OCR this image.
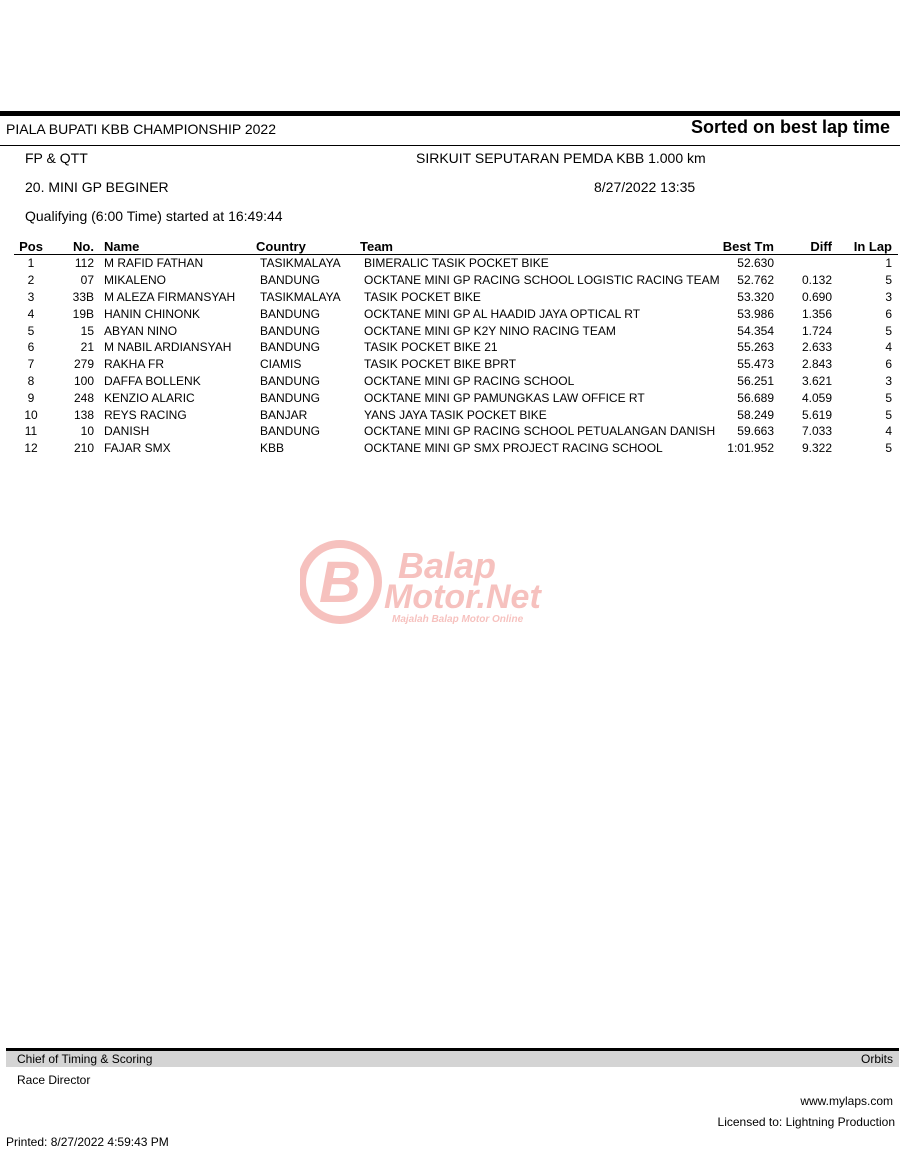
PIALA BUPATI KBB CHAMPIONSHIP 2022	Sorted on best lap time
FP & QTT	SIRKUIT SEPUTARAN PEMDA KBB 1.000 km
20. MINI GP BEGINER	8/27/2022 13:35
Qualifying (6:00 Time) started at 16:49:44
Pos	No.	Name	Country	Team	Best Tm	Diff	In Lap
1	112	M RAFID FATHAN	TASIKMALAYA	BIMERALIC TASIK POCKET BIKE	52.630		1
2	07	MIKALENO	BANDUNG	OCKTANE MINI GP RACING SCHOOL LOGISTIC RACING TEAM	52.762	0.132	5
3	33B	M ALEZA FIRMANSYAH	TASIKMALAYA	TASIK POCKET BIKE	53.320	0.690	3
4	19B	HANIN CHINONK	BANDUNG	OCKTANE MINI GP AL HAADID JAYA OPTICAL RT	53.986	1.356	6
5	15	ABYAN NINO	BANDUNG	OCKTANE MINI GP K2Y NINO RACING TEAM	54.354	1.724	5
6	21	M NABIL ARDIANSYAH	BANDUNG	TASIK POCKET BIKE 21	55.263	2.633	4
7	279	RAKHA FR	CIAMIS	TASIK POCKET BIKE BPRT	55.473	2.843	6
8	100	DAFFA BOLLENK	BANDUNG	OCKTANE MINI GP RACING SCHOOL	56.251	3.621	3
9	248	KENZIO ALARIC	BANDUNG	OCKTANE MINI GP PAMUNGKAS LAW OFFICE RT	56.689	4.059	5
10	138	REYS RACING	BANJAR	YANS JAYA TASIK POCKET BIKE	58.249	5.619	5
11	10	DANISH	BANDUNG	OCKTANE MINI GP RACING SCHOOL PETUALANGAN DANISH	59.663	7.033	4
12	210	FAJAR SMX	KBB	OCKTANE MINI GP SMX PROJECT RACING SCHOOL	1:01.952	9.322	5
B Balap
Motor.Net
Majalah Balap Motor Online
Chief of Timing & Scoring	Orbits
Race Director
www.mylaps.com
Licensed to: Lightning Production
Printed: 8/27/2022 4:59:43 PM
